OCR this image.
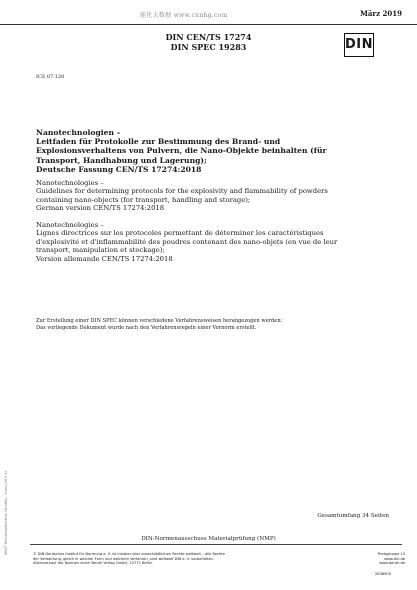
能化大数据 www.cnnhg.com	März 2019
DIN CEN/TS 17274
DIN SPEC 19283	DIN
ICS 07.120
Nanotechnologien –
Leitfaden für Protokolle zur Bestimmung des Brand- und
Explosionsverhaltens von Pulvern, die Nano-Objekte beinhalten (für
Transport, Handhabung und Lagerung);
Deutsche Fassung CEN/TS 17274:2018
Nanotechnologies –
Guidelines for determining protocols for the explosivity and flammability of powders
containing nano-objects (for transport, handling and storage);
German version CEN/TS 17274:2018
Nanotechnologies –
Lignes directrices sur les protocoles permettant de déterminer les caractéristiques
d'explosivité et d'inflammabilité des poudres contenant des nano-objets (en vue de leur
transport, manipulation et stockage);
Version allemande CEN/TS 17274:2018
Zur Erstellung einer DIN SPEC können verschiedene Verfahrensweisen herangezogen werden:
Das vorliegende Dokument wurde nach den Verfahrensregeln einer Vornorm erstellt.
Gesamtumfang 34 Seiten
DIN-Normenausschuss Materialprüfung (NMP)
© DIN Deutsches Institut für Normung e. V. ist Inhaber aller ausschließlichen Rechte weltweit – alle Rechte
der Verwertung, gleich in welcher Form und welchem Verfahren, sind weltweit DIN e. V. vorbehalten.
Alleinverkauf der Normen durch Beuth Verlag GmbH, 10772 Berlin
Preisgruppe 15
www.din.de
www.beuth.de
2838900
iBOOT Berichtenbibliothek Stichtitle - Stand 2019-03
